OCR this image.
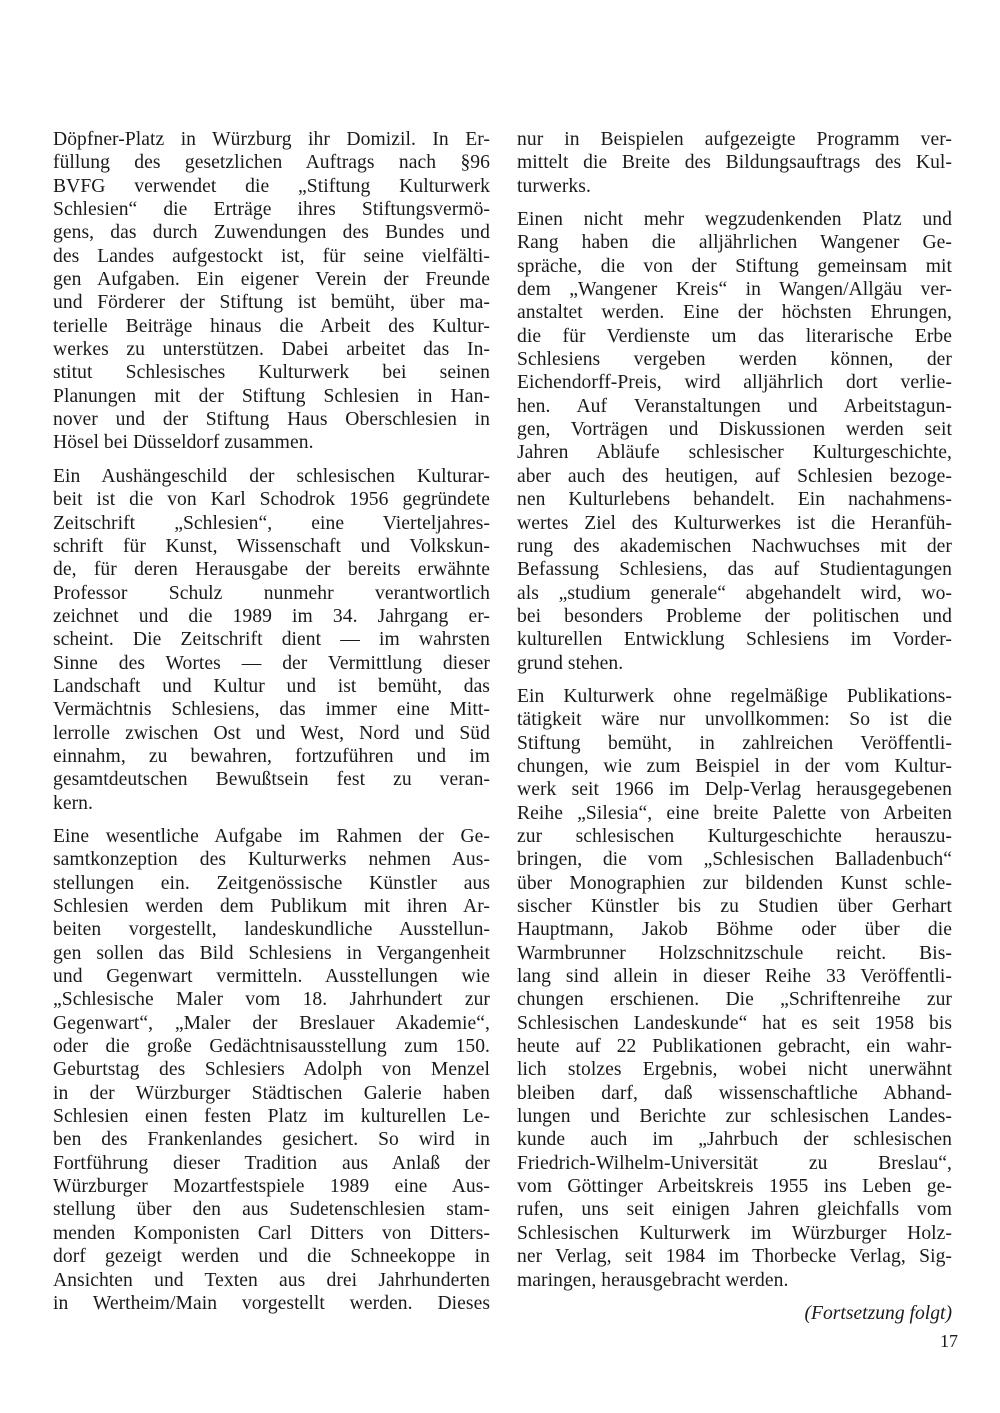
Döpfner-Platz in Würzburg ihr Domizil. In Er-
füllung des gesetzlichen Auftrags nach §96
BVFG verwendet die „Stiftung Kulturwerk
Schlesien“ die Erträge ihres Stiftungsvermö-
gens, das durch Zuwendungen des Bundes und
des Landes aufgestockt ist, für seine vielfälti-
gen Aufgaben. Ein eigener Verein der Freunde
und Förderer der Stiftung ist bemüht, über ma-
terielle Beiträge hinaus die Arbeit des Kultur-
werkes zu unterstützen. Dabei arbeitet das In-
stitut Schlesisches Kulturwerk bei seinen
Planungen mit der Stiftung Schlesien in Han-
nover und der Stiftung Haus Oberschlesien in
Hösel bei Düsseldorf zusammen.

Ein Aushängeschild der schlesischen Kulturar-
beit ist die von Karl Schodrok 1956 gegründete
Zeitschrift „Schlesien“, eine Vierteljahres-
schrift für Kunst, Wissenschaft und Volkskun-
de, für deren Herausgabe der bereits erwähnte
Professor Schulz nunmehr verantwortlich
zeichnet und die 1989 im 34. Jahrgang er-
scheint. Die Zeitschrift dient — im wahrsten
Sinne des Wortes — der Vermittlung dieser
Landschaft und Kultur und ist bemüht, das
Vermächtnis Schlesiens, das immer eine Mitt-
lerrolle zwischen Ost und West, Nord und Süd
einnahm, zu bewahren, fortzuführen und im
gesamtdeutschen Bewußtsein fest zu veran-
kern.

Eine wesentliche Aufgabe im Rahmen der Ge-
samtkonzeption des Kulturwerks nehmen Aus-
stellungen ein. Zeitgenössische Künstler aus
Schlesien werden dem Publikum mit ihren Ar-
beiten vorgestellt, landeskundliche Ausstellun-
gen sollen das Bild Schlesiens in Vergangenheit
und Gegenwart vermitteln. Ausstellungen wie
„Schlesische Maler vom 18. Jahrhundert zur
Gegenwart“, „Maler der Breslauer Akademie“,
oder die große Gedächtnisausstellung zum 150.
Geburtstag des Schlesiers Adolph von Menzel
in der Würzburger Städtischen Galerie haben
Schlesien einen festen Platz im kulturellen Le-
ben des Frankenlandes gesichert. So wird in
Fortführung dieser Tradition aus Anlaß der
Würzburger Mozartfestspiele 1989 eine Aus-
stellung über den aus Sudetenschlesien stam-
menden Komponisten Carl Ditters von Ditters-
dorf gezeigt werden und die Schneekoppe in
Ansichten und Texten aus drei Jahrhunderten
in Wertheim/Main vorgestellt werden. Dieses

nur in Beispielen aufgezeigte Programm ver-
mittelt die Breite des Bildungsauftrags des Kul-
turwerks.

Einen nicht mehr wegzudenkenden Platz und
Rang haben die alljährlichen Wangener Ge-
spräche, die von der Stiftung gemeinsam mit
dem „Wangener Kreis“ in Wangen/Allgäu ver-
anstaltet werden. Eine der höchsten Ehrungen,
die für Verdienste um das literarische Erbe
Schlesiens vergeben werden können, der
Eichendorff-Preis, wird alljährlich dort verlie-
hen. Auf Veranstaltungen und Arbeitstagun-
gen, Vorträgen und Diskussionen werden seit
Jahren Abläufe schlesischer Kulturgeschichte,
aber auch des heutigen, auf Schlesien bezoge-
nen Kulturlebens behandelt. Ein nachahmens-
wertes Ziel des Kulturwerkes ist die Heranfüh-
rung des akademischen Nachwuchses mit der
Befassung Schlesiens, das auf Studientagungen
als „studium generale“ abgehandelt wird, wo-
bei besonders Probleme der politischen und
kulturellen Entwicklung Schlesiens im Vorder-
grund stehen.

Ein Kulturwerk ohne regelmäßige Publikations-
tätigkeit wäre nur unvollkommen: So ist die
Stiftung bemüht, in zahlreichen Veröffentli-
chungen, wie zum Beispiel in der vom Kultur-
werk seit 1966 im Delp-Verlag herausgegebenen
Reihe „Silesia“, eine breite Palette von Arbeiten
zur schlesischen Kulturgeschichte herauszu-
bringen, die vom „Schlesischen Balladenbuch“
über Monographien zur bildenden Kunst schle-
sischer Künstler bis zu Studien über Gerhart
Hauptmann, Jakob Böhme oder über die
Warmbrunner Holzschnitzschule reicht. Bis-
lang sind allein in dieser Reihe 33 Veröffentli-
chungen erschienen. Die „Schriftenreihe zur
Schlesischen Landeskunde“ hat es seit 1958 bis
heute auf 22 Publikationen gebracht, ein wahr-
lich stolzes Ergebnis, wobei nicht unerwähnt
bleiben darf, daß wissenschaftliche Abhand-
lungen und Berichte zur schlesischen Landes-
kunde auch im „Jahrbuch der schlesischen
Friedrich-Wilhelm-Universität zu Breslau“,
vom Göttinger Arbeitskreis 1955 ins Leben ge-
rufen, uns seit einigen Jahren gleichfalls vom
Schlesischen Kulturwerk im Würzburger Holz-
ner Verlag, seit 1984 im Thorbecke Verlag, Sig-
maringen, herausgebracht werden.

(Fortsetzung folgt)

17
